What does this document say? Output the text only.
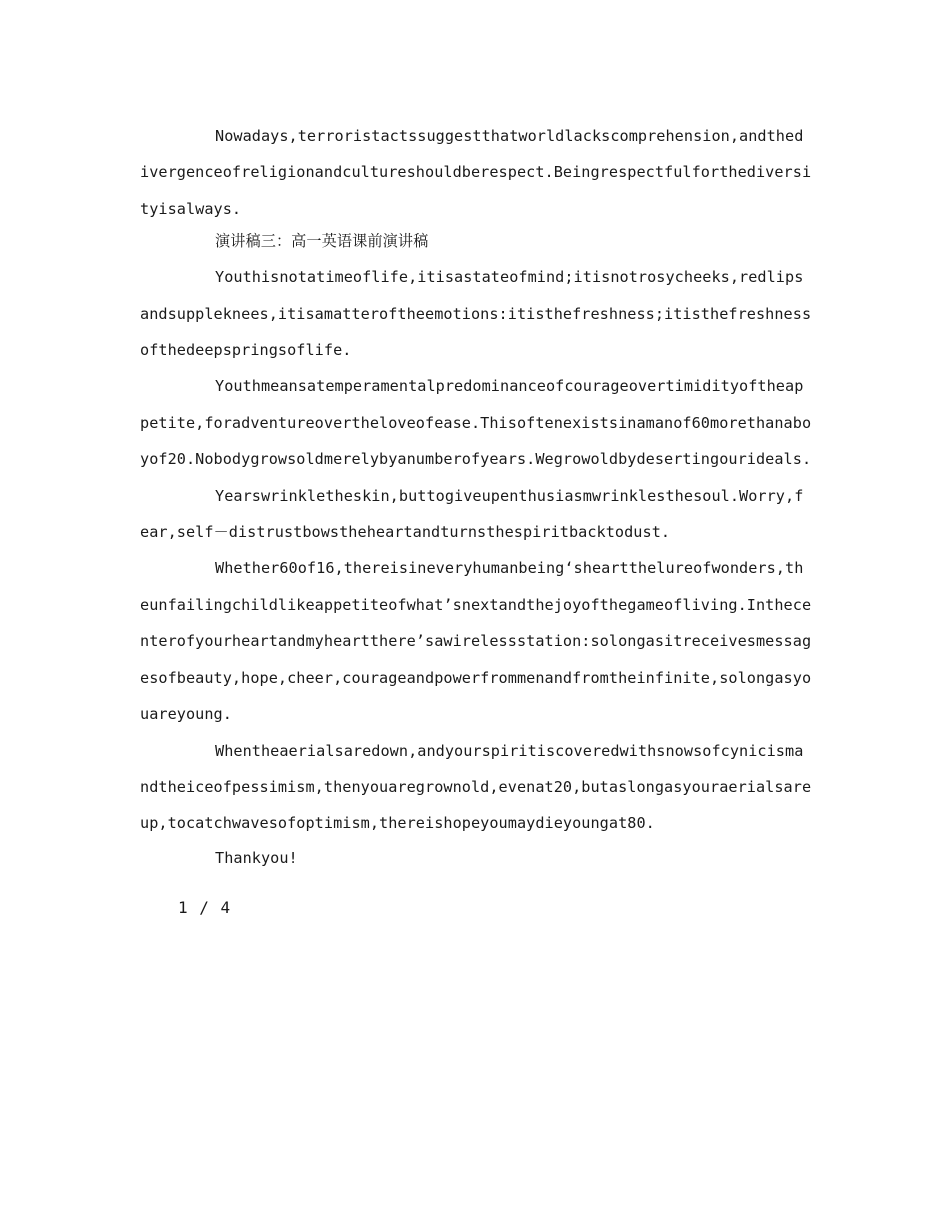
Nowadays,terroristactssuggestthatworldlackscomprehension,andthedivergenceofreligionandcultureshouldberespect.Beingrespectfulforthediversityisalways.

演讲稿三：高一英语课前演讲稿

Youthisnotatimeoflife,itisastateofmind;itisnotrosycheeks,redlipsandsuppleknees,itisamatteroftheemotions:itisthefreshness;itisthefreshnessofthedeepspringsoflife.

Youthmeansatemperamentalpredominanceofcourageovertimidityoftheappetite,foradventureovertheloveofease.Thisoftenexistsinamanof60morethanaboyof20.Nobodygrowsoldmerelybyanumberofyears.Wegrowoldbydesertingourideals.

Yearswrinkletheskin,buttogiveupenthusiasmwrinklesthesoul.Worry,fear,self－distrustbowstheheartandturnsthespiritbacktodust.

Whether60of16,thereisineveryhumanbeing‘sheartthelureofwonders,theunfailingchildlikeappetiteofwhat’snextandthejoyofthegameofliving.Inthecenterofyourheartandmyheartthere’sawirelessstation:solongasitreceivesmessagesofbeauty,hope,cheer,courageandpowerfrommenandfromtheinfinite,solongasyouareyoung.

Whentheaerialsaredown,andyourspiritiscoveredwithsnowsofcynicismandtheiceofpessimism,thenyouaregrownold,evenat20,butaslongasyouraerialsareup,tocatchwavesofoptimism,thereishopeyoumaydieyoungat80.

Thankyou!

1 / 4
